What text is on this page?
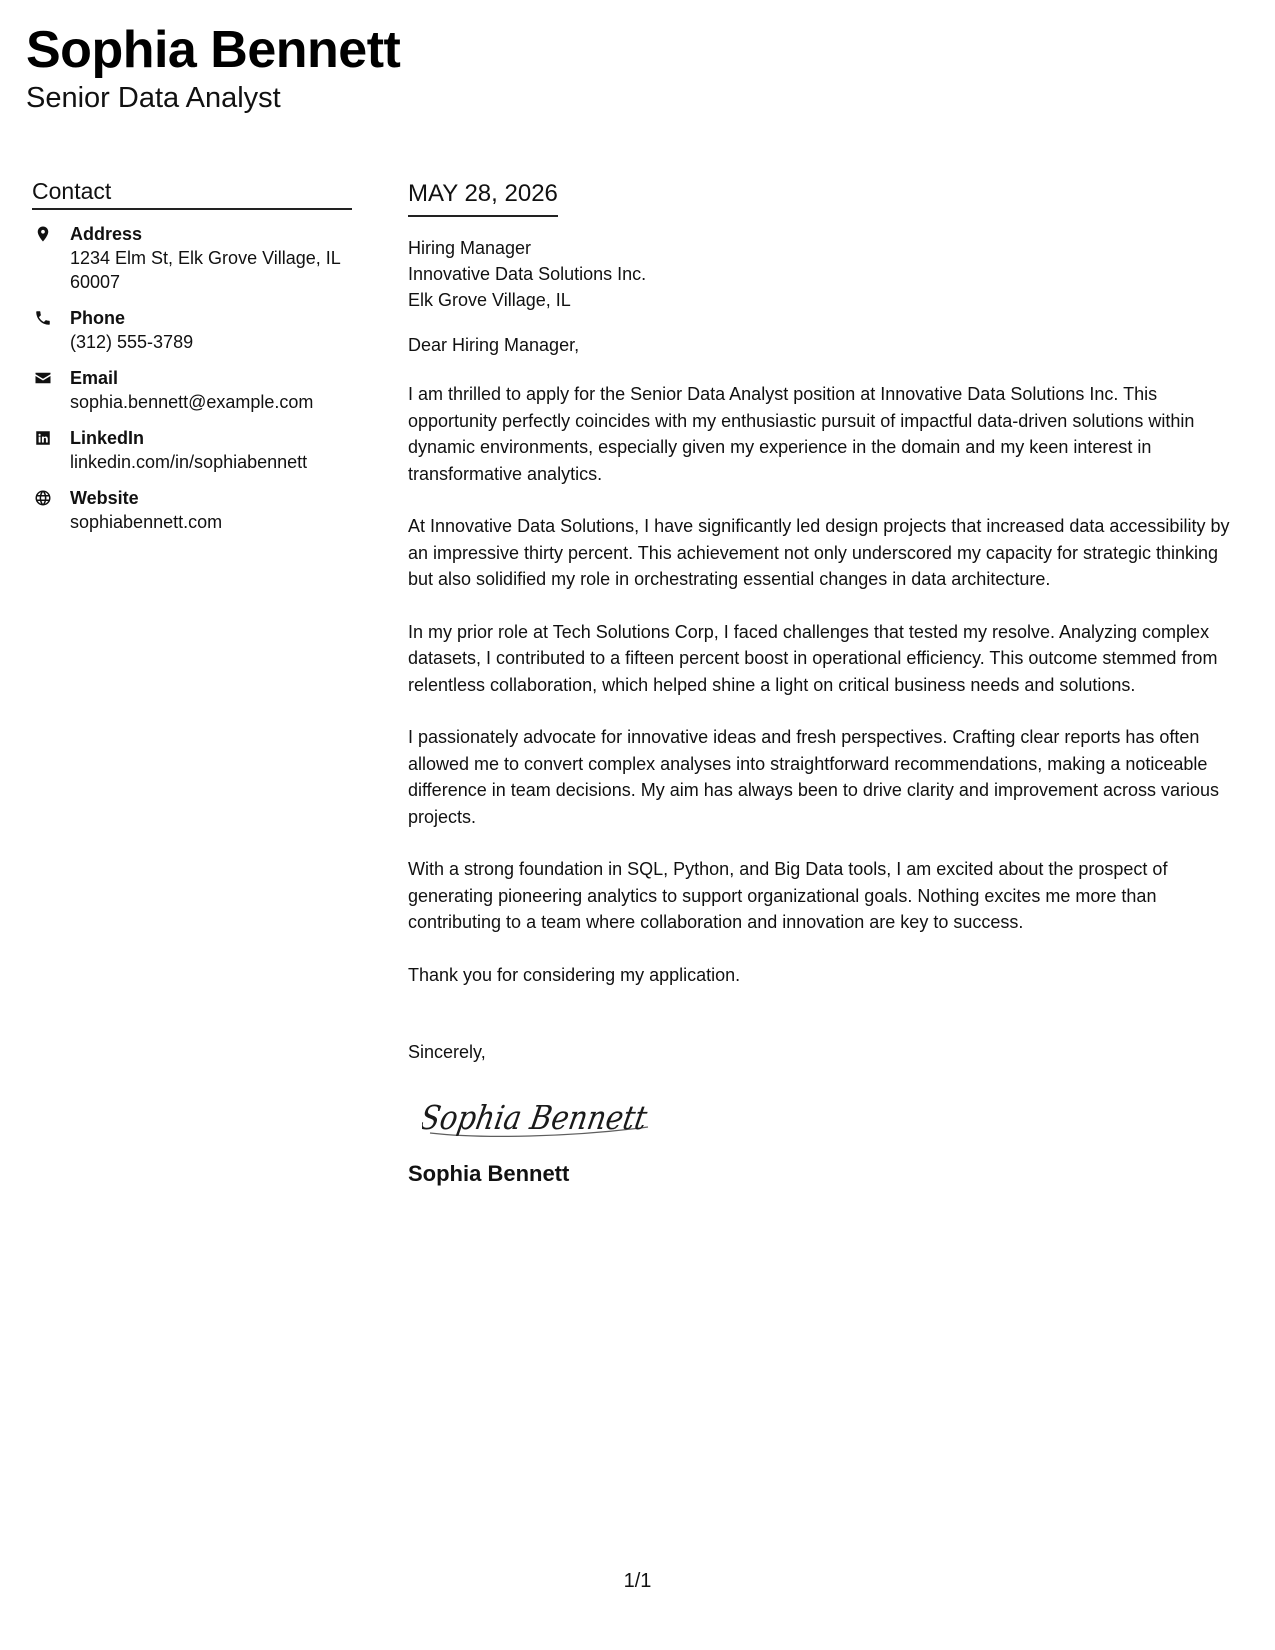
Sophia Bennett
Senior Data Analyst
Contact
Address
1234 Elm St, Elk Grove Village, IL 60007
Phone
(312) 555-3789
Email
sophia.bennett@example.com
LinkedIn
linkedin.com/in/sophiabennett
Website
sophiabennett.com
MAY 28, 2026
Hiring Manager
Innovative Data Solutions Inc.
Elk Grove Village, IL
Dear Hiring Manager,

I am thrilled to apply for the Senior Data Analyst position at Innovative Data Solutions Inc. This opportunity perfectly coincides with my enthusiastic pursuit of impactful data-driven solutions within dynamic environments, especially given my experience in the domain and my keen interest in transformative analytics.

At Innovative Data Solutions, I have significantly led design projects that increased data accessibility by an impressive thirty percent. This achievement not only underscored my capacity for strategic thinking but also solidified my role in orchestrating essential changes in data architecture.

In my prior role at Tech Solutions Corp, I faced challenges that tested my resolve. Analyzing complex datasets, I contributed to a fifteen percent boost in operational efficiency. This outcome stemmed from relentless collaboration, which helped shine a light on critical business needs and solutions.

I passionately advocate for innovative ideas and fresh perspectives. Crafting clear reports has often allowed me to convert complex analyses into straightforward recommendations, making a noticeable difference in team decisions. My aim has always been to drive clarity and improvement across various projects.

With a strong foundation in SQL, Python, and Big Data tools, I am excited about the prospect of generating pioneering analytics to support organizational goals. Nothing excites me more than contributing to a team where collaboration and innovation are key to success.

Thank you for considering my application.

Sincerely,
Sophia Bennett
Sophia Bennett
1/1
